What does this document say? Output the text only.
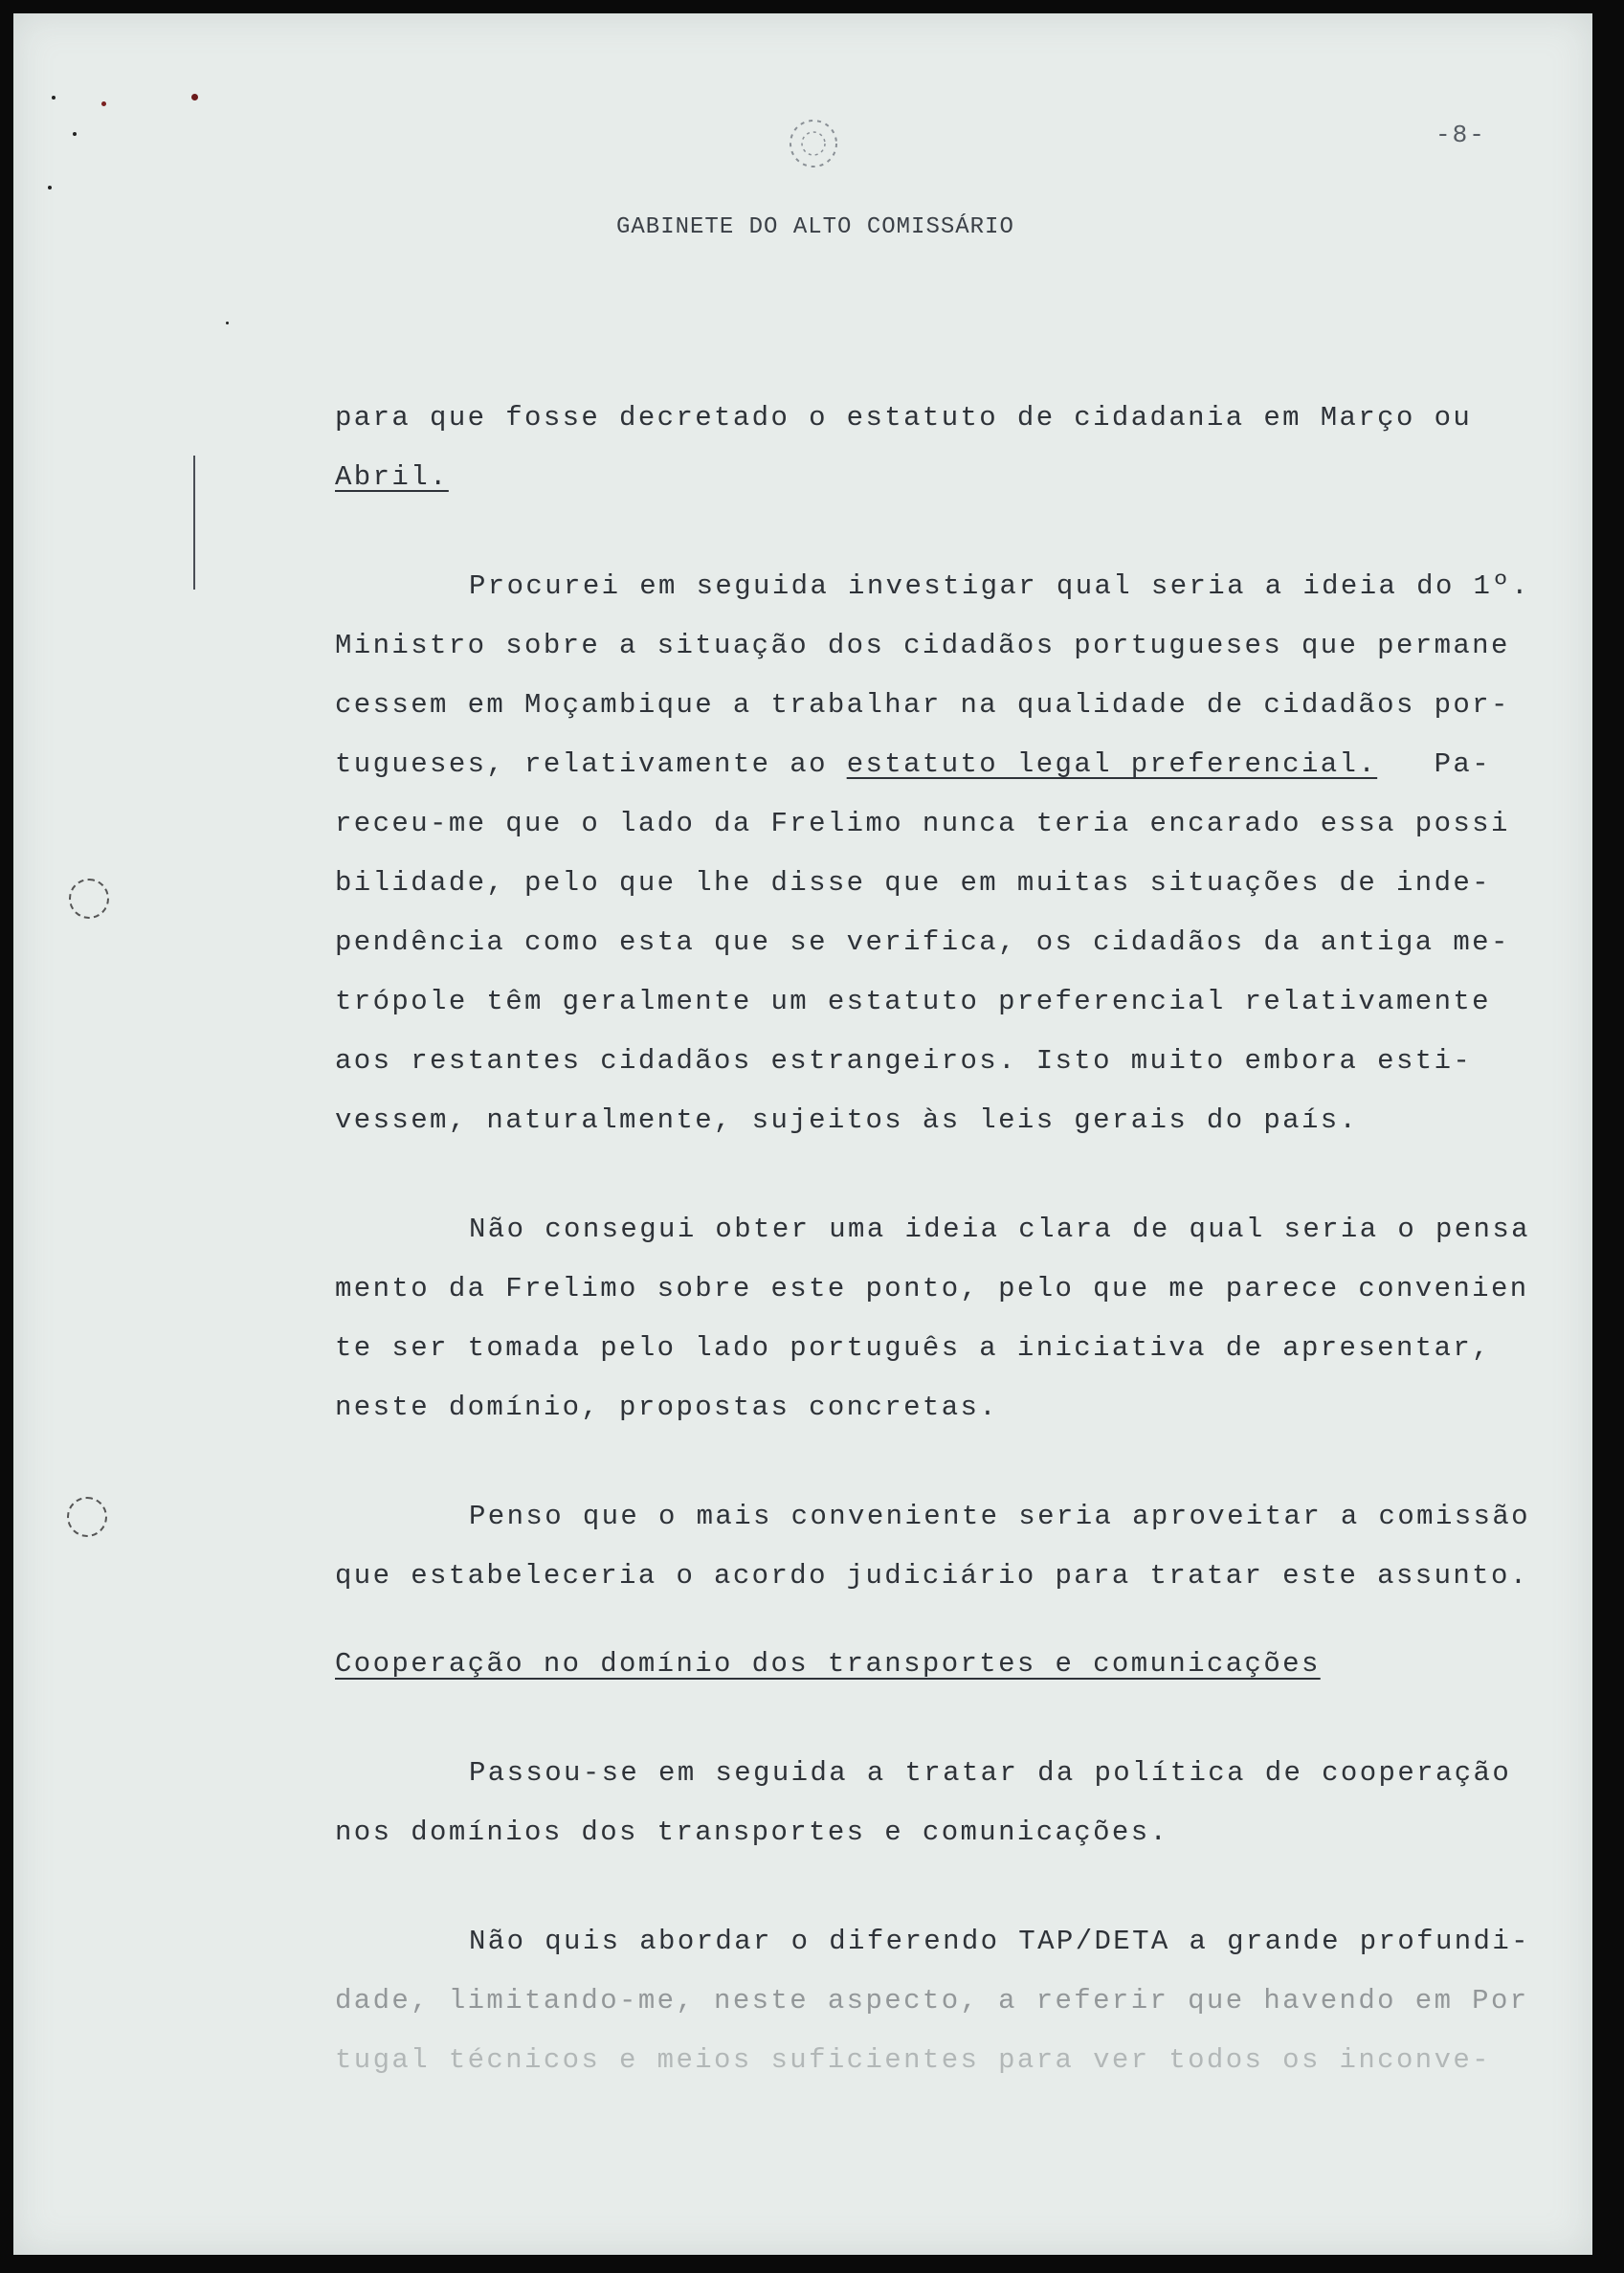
-8-
GABINETE DO ALTO COMISSÁRIO
para que fosse decretado o estatuto de cidadania em Março ou
Abril.
Procurei em seguida investigar qual seria a ideia do 1º.
Ministro sobre a situação dos cidadãos portugueses que permane
cessem em Moçambique a trabalhar na qualidade de cidadãos por-
tugueses, relativamente ao estatuto legal preferencial. Pa-
receu-me que o lado da Frelimo nunca teria encarado essa possi
bilidade, pelo que lhe disse que em muitas situações de inde-
pendência como esta que se verifica, os cidadãos da antiga me-
trópole têm geralmente um estatuto preferencial relativamente
aos restantes cidadãos estrangeiros. Isto muito embora esti-
vessem, naturalmente, sujeitos às leis gerais do país.
Não consegui obter uma ideia clara de qual seria o pensa
mento da Frelimo sobre este ponto, pelo que me parece convenien
te ser tomada pelo lado português a iniciativa de apresentar,
neste domínio, propostas concretas.
Penso que o mais conveniente seria aproveitar a comissão
que estabeleceria o acordo judiciário para tratar este assunto.
Cooperação no domínio dos transportes e comunicações
Passou-se em seguida a tratar da política de cooperação
nos domínios dos transportes e comunicações.
Não quis abordar o diferendo TAP/DETA a grande profundi-
dade, limitando-me, neste aspecto, a referir que havendo em Por
tugal técnicos e meios suficientes para ver todos os inconve-
